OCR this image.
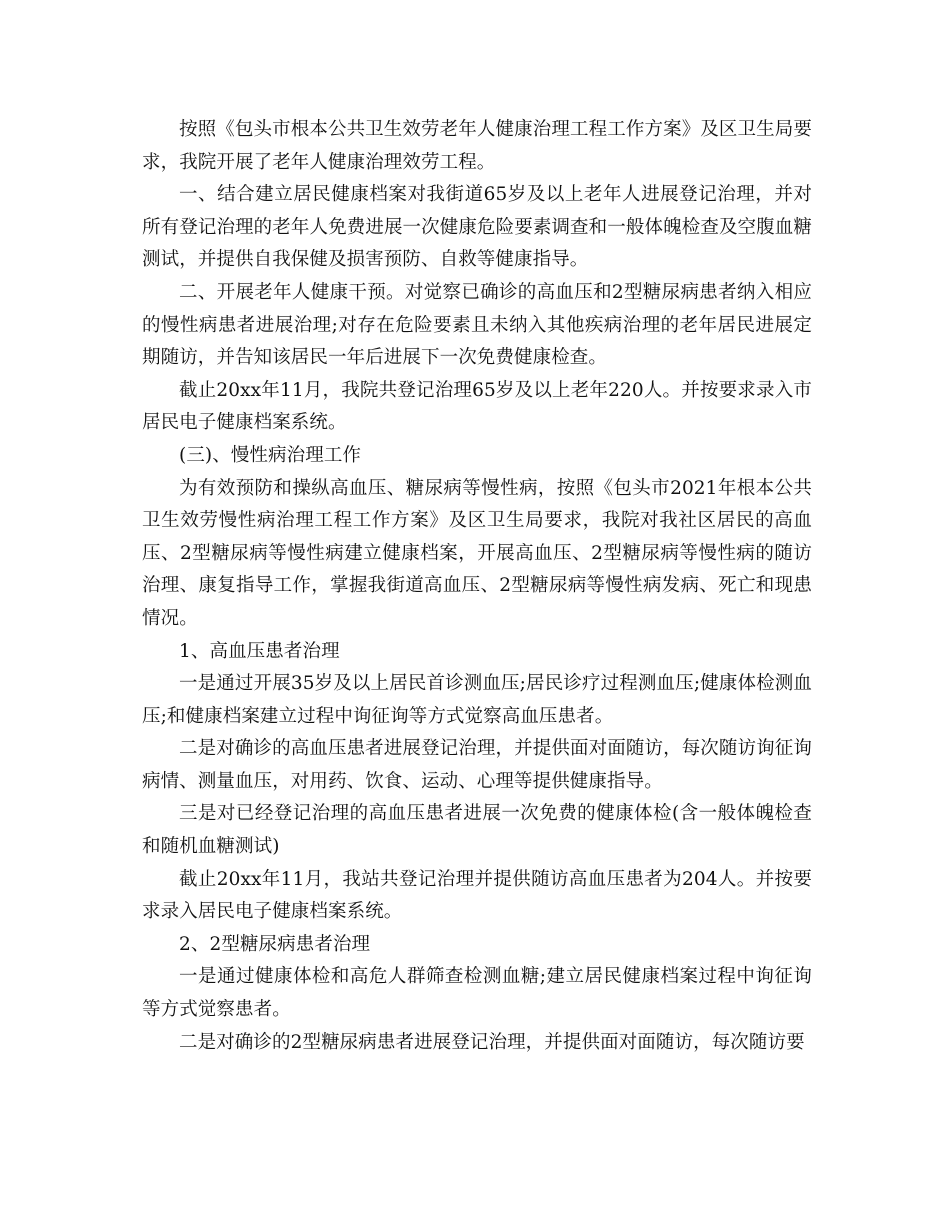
按照《包头市根本公共卫生效劳老年人健康治理工程工作方案》及区卫生局要求，我院开展了老年人健康治理效劳工程。

一、结合建立居民健康档案对我街道65岁及以上老年人进展登记治理，并对所有登记治理的老年人免费进展一次健康危险要素调查和一般体魄检查及空腹血糖测试，并提供自我保健及损害预防、自救等健康指导。

二、开展老年人健康干预。对觉察已确诊的高血压和2型糖尿病患者纳入相应的慢性病患者进展治理;对存在危险要素且未纳入其他疾病治理的老年居民进展定期随访，并告知该居民一年后进展下一次免费健康检查。

截止20xx年11月，我院共登记治理65岁及以上老年220人。并按要求录入市居民电子健康档案系统。

(三)、慢性病治理工作

为有效预防和操纵高血压、糖尿病等慢性病，按照《包头市2021年根本公共卫生效劳慢性病治理工程工作方案》及区卫生局要求，我院对我社区居民的高血压、2型糖尿病等慢性病建立健康档案，开展高血压、2型糖尿病等慢性病的随访治理、康复指导工作，掌握我街道高血压、2型糖尿病等慢性病发病、死亡和现患情况。

1、高血压患者治理

一是通过开展35岁及以上居民首诊测血压;居民诊疗过程测血压;健康体检测血压;和健康档案建立过程中询征询等方式觉察高血压患者。

二是对确诊的高血压患者进展登记治理，并提供面对面随访，每次随访询征询病情、测量血压，对用药、饮食、运动、心理等提供健康指导。

三是对已经登记治理的高血压患者进展一次免费的健康体检(含一般体魄检查和随机血糖测试)

截止20xx年11月，我站共登记治理并提供随访高血压患者为204人。并按要求录入居民电子健康档案系统。

2、2型糖尿病患者治理

一是通过健康体检和高危人群筛查检测血糖;建立居民健康档案过程中询征询等方式觉察患者。

二是对确诊的2型糖尿病患者进展登记治理，并提供面对面随访，每次随访要
